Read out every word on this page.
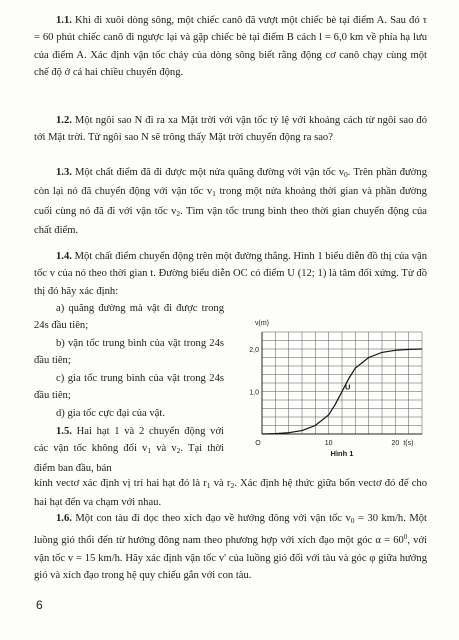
1.1. Khi đi xuôi dòng sông, một chiếc canô đã vượt một chiếc bè tại điểm A. Sau đó τ = 60 phút chiếc canô đi ngược lại và gặp chiếc bè tại điểm B cách l = 6,0 km về phía hạ lưu của điểm A. Xác định vận tốc chảy của dòng sông biết rằng động cơ canô chạy cùng một chế độ ở cả hai chiều chuyển động.

1.2. Một ngôi sao N đi ra xa Mặt trời với vận tốc tỷ lệ với khoảng cách từ ngôi sao đó tới Mặt trời. Từ ngôi sao N sẽ trông thấy Mặt trời chuyển động ra sao?

1.3. Một chất điểm đã đi được một nửa quãng đường với vận tốc $v_0$. Trên phần đường còn lại nó đã chuyển động với vận tốc $v_1$ trong một nửa khoảng thời gian và phần đường cuối cùng nó đã đi với vận tốc $v_2$. Tìm vận tốc trung bình theo thời gian chuyển động của chất điểm.

1.4. Một chất điểm chuyển động trên một đường thẳng. Hình 1 biểu diễn đồ thị của vận tốc v của nó theo thời gian t. Đường biểu diễn OC có điểm U (12; 1) là tâm đối xứng. Từ đồ thị đó hãy xác định:

a) quãng đường mà vật đi được trong 24s đầu tiên;

b) vận tốc trung bình của vật trong 24s đầu tiên;

c) gia tốc trung bình của vật trong 24s đầu tiên;

d) gia tốc cực đại của vật.

1.5. Hai hạt 1 và 2 chuyển động với các vận tốc không đổi $v_1$ và $v_2$. Tại thời điểm ban đầu, bán

kính vectơ xác định vị trí hai hạt đó là $r_1$ và $r_2$. Xác định hệ thức giữa bốn vectơ đó để cho hai hạt đến va chạm với nhau.

1.6. Một con tàu đi dọc theo xích đạo về hướng đông với vận tốc $v_0 = 30$ km/h. Một luồng gió thổi đến từ hướng đông nam theo phương hợp với xích đạo một góc $\alpha = 60^0$, với vận tốc v = 15 km/h. Hãy xác định vận tốc v' của luồng gió đối với tàu và góc φ giữa hướng gió và xích đạo trong hệ quy chiếu gắn với con tàu.

v(m)
2,0
1,0
O	10	20 t(s)
U
Hình 1
6
